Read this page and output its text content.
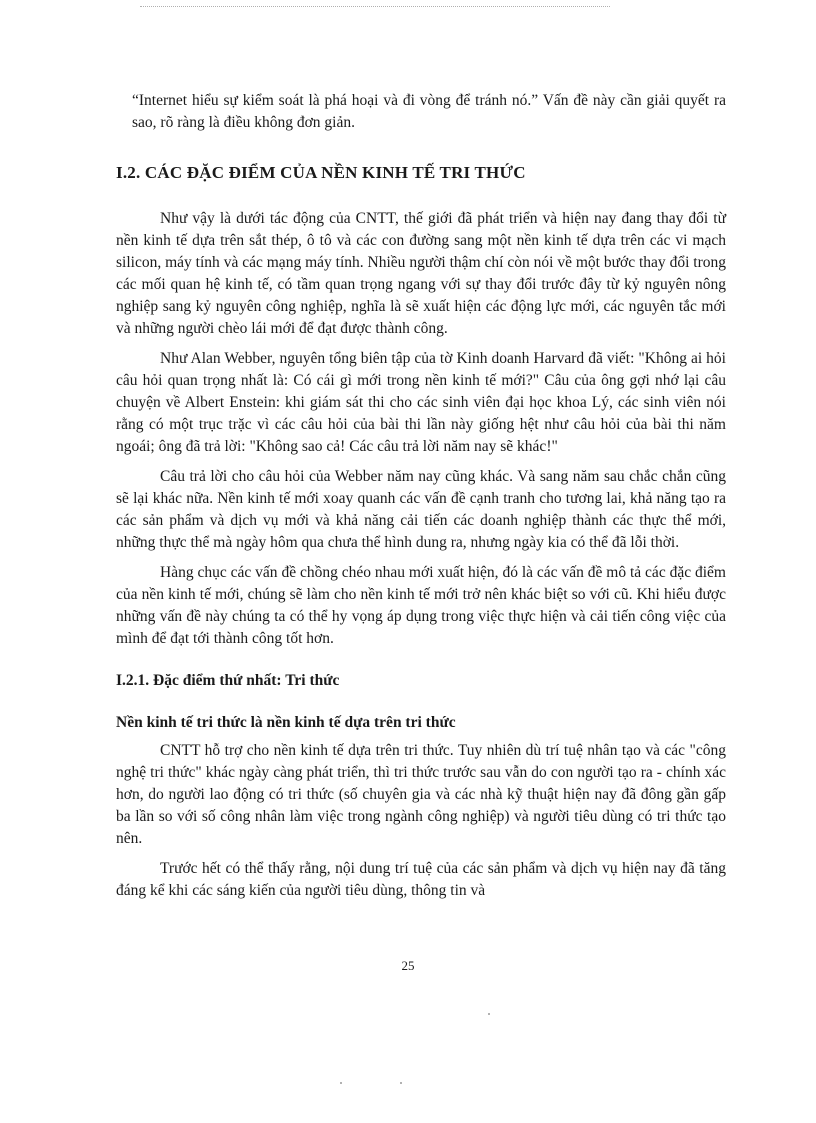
“Internet hiểu sự kiểm soát là phá hoại và đi vòng để tránh nó.” Vấn đề này cần giải quyết ra sao, rõ ràng là điều không đơn giản.

I.2. CÁC ĐẶC ĐIỂM CỦA NỀN KINH TẾ TRI THỨC

Như vậy là dưới tác động của CNTT, thế giới đã phát triển và hiện nay đang thay đổi từ nền kinh tế dựa trên sắt thép, ô tô và các con đường sang một nền kinh tế dựa trên các vi mạch silicon, máy tính và các mạng máy tính. Nhiều người thậm chí còn nói về một bước thay đổi trong các mối quan hệ kinh tế, có tầm quan trọng ngang với sự thay đổi trước đây từ kỷ nguyên nông nghiệp sang kỷ nguyên công nghiệp, nghĩa là sẽ xuất hiện các động lực mới, các nguyên tắc mới và những người chèo lái mới để đạt được thành công.

Như Alan Webber, nguyên tổng biên tập của tờ Kinh doanh Harvard đã viết: "Không ai hỏi câu hỏi quan trọng nhất là: Có cái gì mới trong nền kinh tế mới?" Câu của ông gợi nhớ lại câu chuyện về Albert Enstein: khi giám sát thi cho các sinh viên đại học khoa Lý, các sinh viên nói rằng có một trục trặc vì các câu hỏi của bài thi lần này giống hệt như câu hỏi của bài thi năm ngoái; ông đã trả lời: "Không sao cả! Các câu trả lời năm nay sẽ khác!"

Câu trả lời cho câu hỏi của Webber năm nay cũng khác. Và sang năm sau chắc chắn cũng sẽ lại khác nữa. Nền kinh tế mới xoay quanh các vấn đề cạnh tranh cho tương lai, khả năng tạo ra các sản phẩm và dịch vụ mới và khả năng cải tiến các doanh nghiệp thành các thực thể mới, những thực thể mà ngày hôm qua chưa thể hình dung ra, nhưng ngày kia có thể đã lỗi thời.

Hàng chục các vấn đề chồng chéo nhau mới xuất hiện, đó là các vấn đề mô tả các đặc điểm của nền kinh tế mới, chúng sẽ làm cho nền kinh tế mới trở nên khác biệt so với cũ. Khi hiểu được những vấn đề này chúng ta có thể hy vọng áp dụng trong việc thực hiện và cải tiến công việc của mình để đạt tới thành công tốt hơn.

I.2.1. Đặc điểm thứ nhất: Tri thức
Nền kinh tế tri thức là nền kinh tế dựa trên tri thức

CNTT hỗ trợ cho nền kinh tế dựa trên tri thức. Tuy nhiên dù trí tuệ nhân tạo và các "công nghệ tri thức" khác ngày càng phát triển, thì tri thức trước sau vẫn do con người tạo ra - chính xác hơn, do người lao động có tri thức (số chuyên gia và các nhà kỹ thuật hiện nay đã đông gần gấp ba lần so với số công nhân làm việc trong ngành công nghiệp) và người tiêu dùng có tri thức tạo nên.

Trước hết có thể thấy rằng, nội dung trí tuệ của các sản phẩm và dịch vụ hiện nay đã tăng đáng kể khi các sáng kiến của người tiêu dùng, thông tin và

25
